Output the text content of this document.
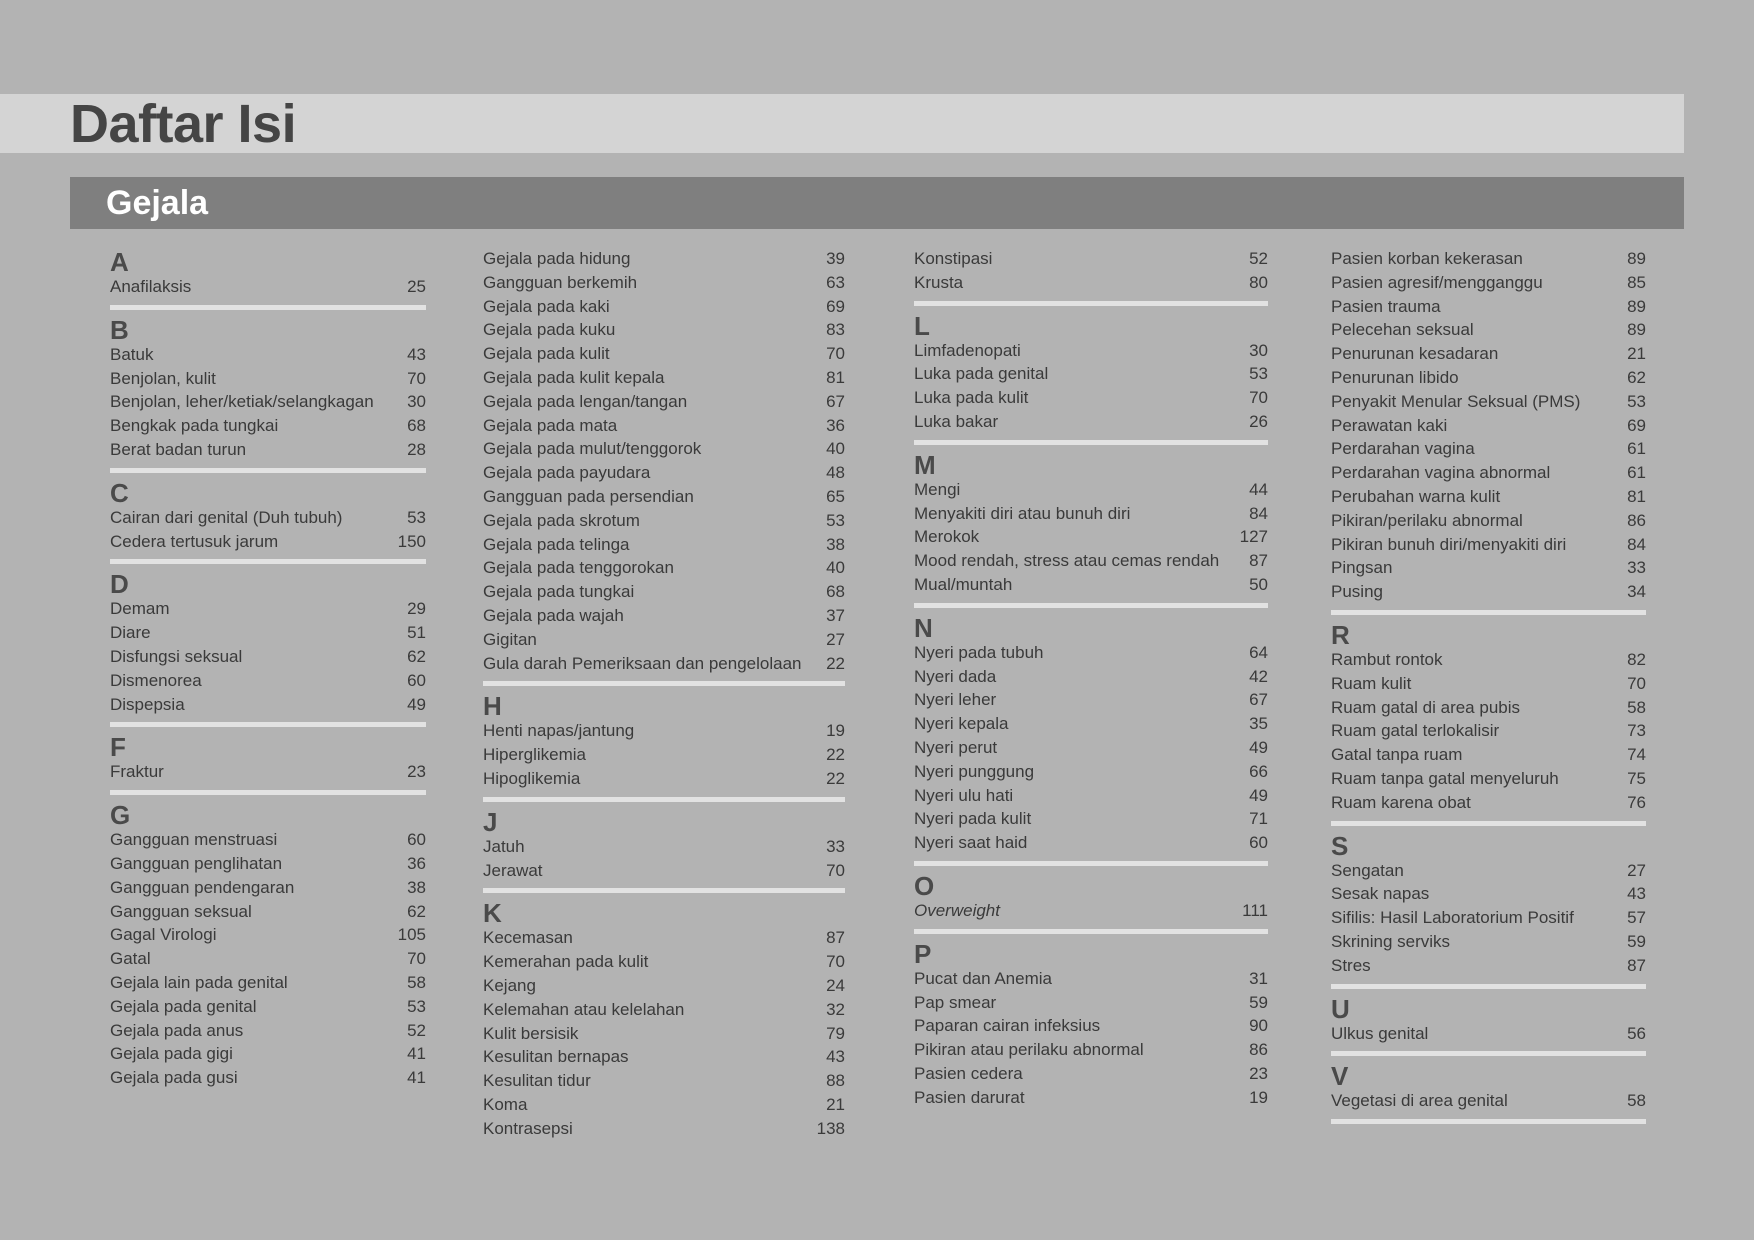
Daftar Isi
Gejala
A
Anafilaksis	25
B
Batuk	43
Benjolan, kulit	70
Benjolan, leher/ketiak/selangkagan 30
Bengkak pada tungkai	68
Berat badan turun	28
C
Cairan dari genital (Duh tubuh)	53
Cedera tertusuk jarum	150
D
Demam	29
Diare	51
Disfungsi seksual	62
Dismenorea	60
Dispepsia	49
F
Fraktur	23
G
Gangguan menstruasi	60
Gangguan penglihatan	36
Gangguan pendengaran	38
Gangguan seksual	62
Gagal Virologi	105
Gatal	70
Gejala lain pada genital	58
Gejala pada genital	53
Gejala pada anus	52
Gejala pada gigi	41
Gejala pada gusi	41
Gejala pada hidung	39
Gangguan berkemih	63
Gejala pada kaki	69
Gejala pada kuku	83
Gejala pada kulit	70
Gejala pada kulit kepala	81
Gejala pada lengan/tangan	67
Gejala pada mata	36
Gejala pada mulut/tenggorok	40
Gejala pada payudara	48
Gangguan pada persendian	65
Gejala pada skrotum	53
Gejala pada telinga	38
Gejala pada tenggorokan	40
Gejala pada tungkai	68
Gejala pada wajah	37
Gigitan	27
Gula darah Pemeriksaan dan pengelolaan 22
H
Henti napas/jantung	19
Hiperglikemia	22
Hipoglikemia	22
J
Jatuh	33
Jerawat	70
K
Kecemasan	87
Kemerahan pada kulit	70
Kejang	24
Kelemahan atau kelelahan	32
Kulit bersisik	79
Kesulitan bernapas	43
Kesulitan tidur	88
Koma	21
Kontrasepsi	138
Konstipasi	52
Krusta	80
L
Limfadenopati	30
Luka pada genital	53
Luka pada kulit	70
Luka bakar	26
M
Mengi	44
Menyakiti diri atau bunuh diri	84
Merokok	127
Mood rendah, stress atau cemas rendah 87
Mual/muntah	50
N
Nyeri pada tubuh	64
Nyeri dada	42
Nyeri leher	67
Nyeri kepala	35
Nyeri perut	49
Nyeri punggung	66
Nyeri ulu hati	49
Nyeri pada kulit	71
Nyeri saat haid	60
O
Overweight	111
P
Pucat dan Anemia	31
Pap smear	59
Paparan cairan infeksius	90
Pikiran atau perilaku abnormal	86
Pasien cedera	23
Pasien darurat	19
Pasien korban kekerasan	89
Pasien agresif/mengganggu	85
Pasien trauma	89
Pelecehan seksual	89
Penurunan kesadaran	21
Penurunan libido	62
Penyakit Menular Seksual (PMS)	53
Perawatan kaki	69
Perdarahan vagina	61
Perdarahan vagina abnormal	61
Perubahan warna kulit	81
Pikiran/perilaku abnormal	86
Pikiran bunuh diri/menyakiti diri	84
Pingsan	33
Pusing	34
R
Rambut rontok	82
Ruam kulit	70
Ruam gatal di area pubis	58
Ruam gatal terlokalisir	73
Gatal tanpa ruam	74
Ruam tanpa gatal menyeluruh	75
Ruam karena obat	76
S
Sengatan	27
Sesak napas	43
Sifilis: Hasil Laboratorium Positif	57
Skrining serviks	59
Stres	87
U
Ulkus genital	56
V
Vegetasi di area genital	58
